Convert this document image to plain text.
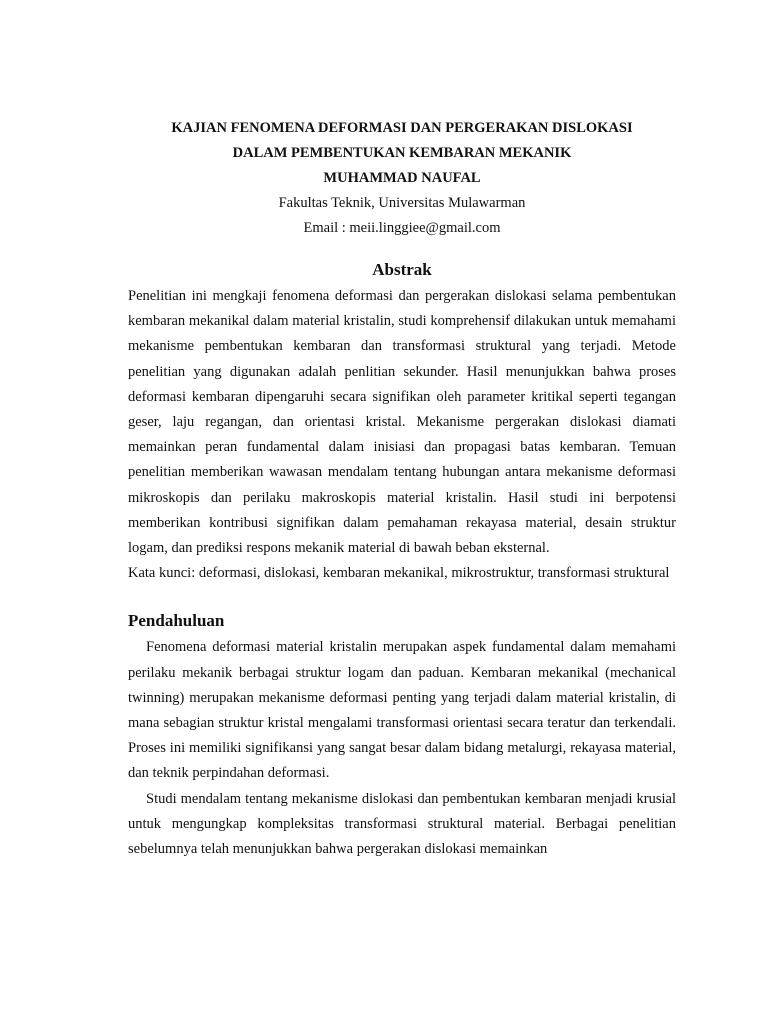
KAJIAN FENOMENA DEFORMASI DAN PERGERAKAN DISLOKASI
DALAM PEMBENTUKAN KEMBARAN MEKANIK
MUHAMMAD NAUFAL
Fakultas Teknik, Universitas Mulawarman
Email : meii.linggiee@gmail.com
Abstrak

Penelitian ini mengkaji fenomena deformasi dan pergerakan dislokasi selama pembentukan kembaran mekanikal dalam material kristalin, studi komprehensif dilakukan untuk memahami mekanisme pembentukan kembaran dan transformasi struktural yang terjadi. Metode penelitian yang digunakan adalah penlitian sekunder. Hasil menunjukkan bahwa proses deformasi kembaran dipengaruhi secara signifikan oleh parameter kritikal seperti tegangan geser, laju regangan, dan orientasi kristal. Mekanisme pergerakan dislokasi diamati memainkan peran fundamental dalam inisiasi dan propagasi batas kembaran. Temuan penelitian memberikan wawasan mendalam tentang hubungan antara mekanisme deformasi mikroskopis dan perilaku makroskopis material kristalin. Hasil studi ini berpotensi memberikan kontribusi signifikan dalam pemahaman rekayasa material, desain struktur logam, dan prediksi respons mekanik material di bawah beban eksternal.

Kata kunci: deformasi, dislokasi, kembaran mekanikal, mikrostruktur, transformasi struktural

Pendahuluan

Fenomena deformasi material kristalin merupakan aspek fundamental dalam memahami perilaku mekanik berbagai struktur logam dan paduan. Kembaran mekanikal (mechanical twinning) merupakan mekanisme deformasi penting yang terjadi dalam material kristalin, di mana sebagian struktur kristal mengalami transformasi orientasi secara teratur dan terkendali. Proses ini memiliki signifikansi yang sangat besar dalam bidang metalurgi, rekayasa material, dan teknik perpindahan deformasi.

Studi mendalam tentang mekanisme dislokasi dan pembentukan kembaran menjadi krusial untuk mengungkap kompleksitas transformasi struktural material. Berbagai penelitian sebelumnya telah menunjukkan bahwa pergerakan dislokasi memainkan
